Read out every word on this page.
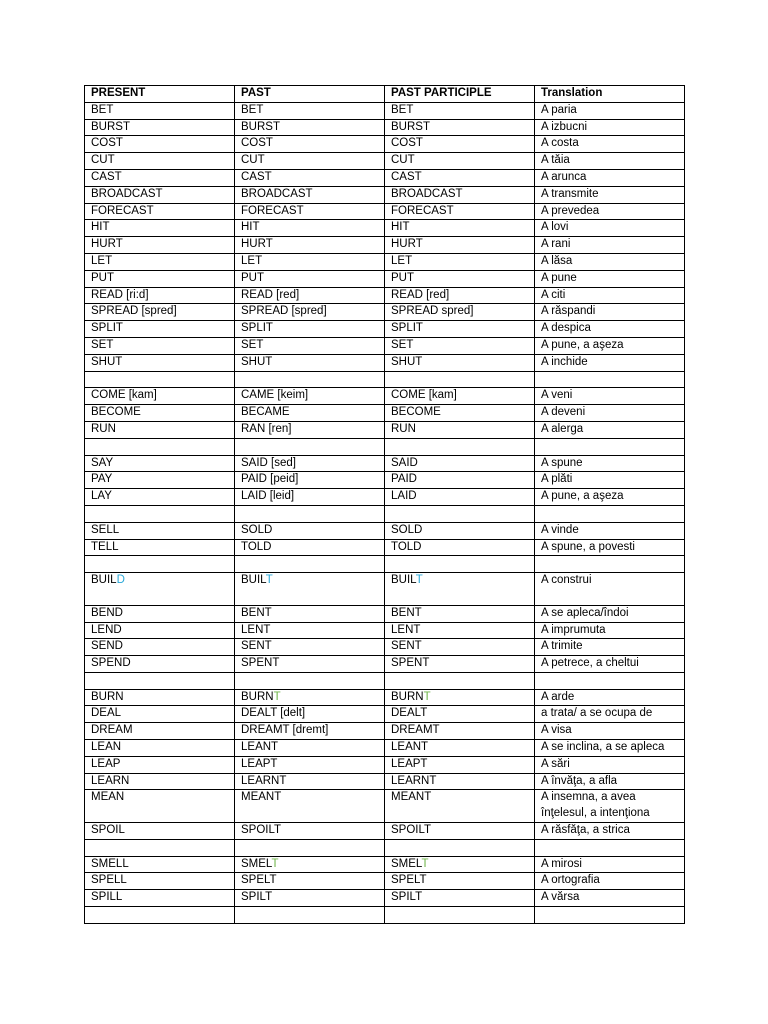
PRESENT	PAST	PAST PARTICIPLE	Translation
BET	BET	BET	A paria
BURST	BURST	BURST	A izbucni
COST	COST	COST	A costa
CUT	CUT	CUT	A tăia
CAST	CAST	CAST	A arunca
BROADCAST	BROADCAST	BROADCAST	A transmite
FORECAST	FORECAST	FORECAST	A prevedea
HIT	HIT	HIT	A lovi
HURT	HURT	HURT	A rani
LET	LET	LET	A lăsa
PUT	PUT	PUT	A pune
READ [ri:d]	READ [red]	READ [red]	A citi
SPREAD [spred]	SPREAD [spred]	SPREAD spred]	A răspandi
SPLIT	SPLIT	SPLIT	A despica
SET	SET	SET	A pune, a aşeza
SHUT	SHUT	SHUT	A inchide

COME [kam]	CAME [keim]	COME [kam]	A veni
BECOME	BECAME	BECOME	A deveni
RUN	RAN [ren]	RUN	A alerga

SAY	SAID [sed]	SAID	A spune
PAY	PAID [peid]	PAID	A plăti
LAY	LAID [leid]	LAID	A pune, a aşeza

SELL	SOLD	SOLD	A vinde
TELL	TOLD	TOLD	A spune, a povesti

BUILD	BUILT	BUILT	A construi
BEND	BENT	BENT	A se apleca/îndoi
LEND	LENT	LENT	A imprumuta
SEND	SENT	SENT	A trimite
SPEND	SPENT	SPENT	A petrece, a cheltui

BURN	BURNT	BURNT	A arde
DEAL	DEALT [delt]	DEALT	a trata/ a se ocupa de
DREAM	DREAMT [dremt]	DREAMT	A visa
LEAN	LEANT	LEANT	A se inclina, a se apleca
LEAP	LEAPT	LEAPT	A sări
LEARN	LEARNT	LEARNT	A învăţa, a afla
MEAN	MEANT	MEANT	A insemna, a avea înţelesul, a intenţiona
SPOIL	SPOILT	SPOILT	A răsfăţa, a strica

SMELL	SMELT	SMELT	A mirosi
SPELL	SPELT	SPELT	A ortografia
SPILL	SPILT	SPILT	A vărsa
